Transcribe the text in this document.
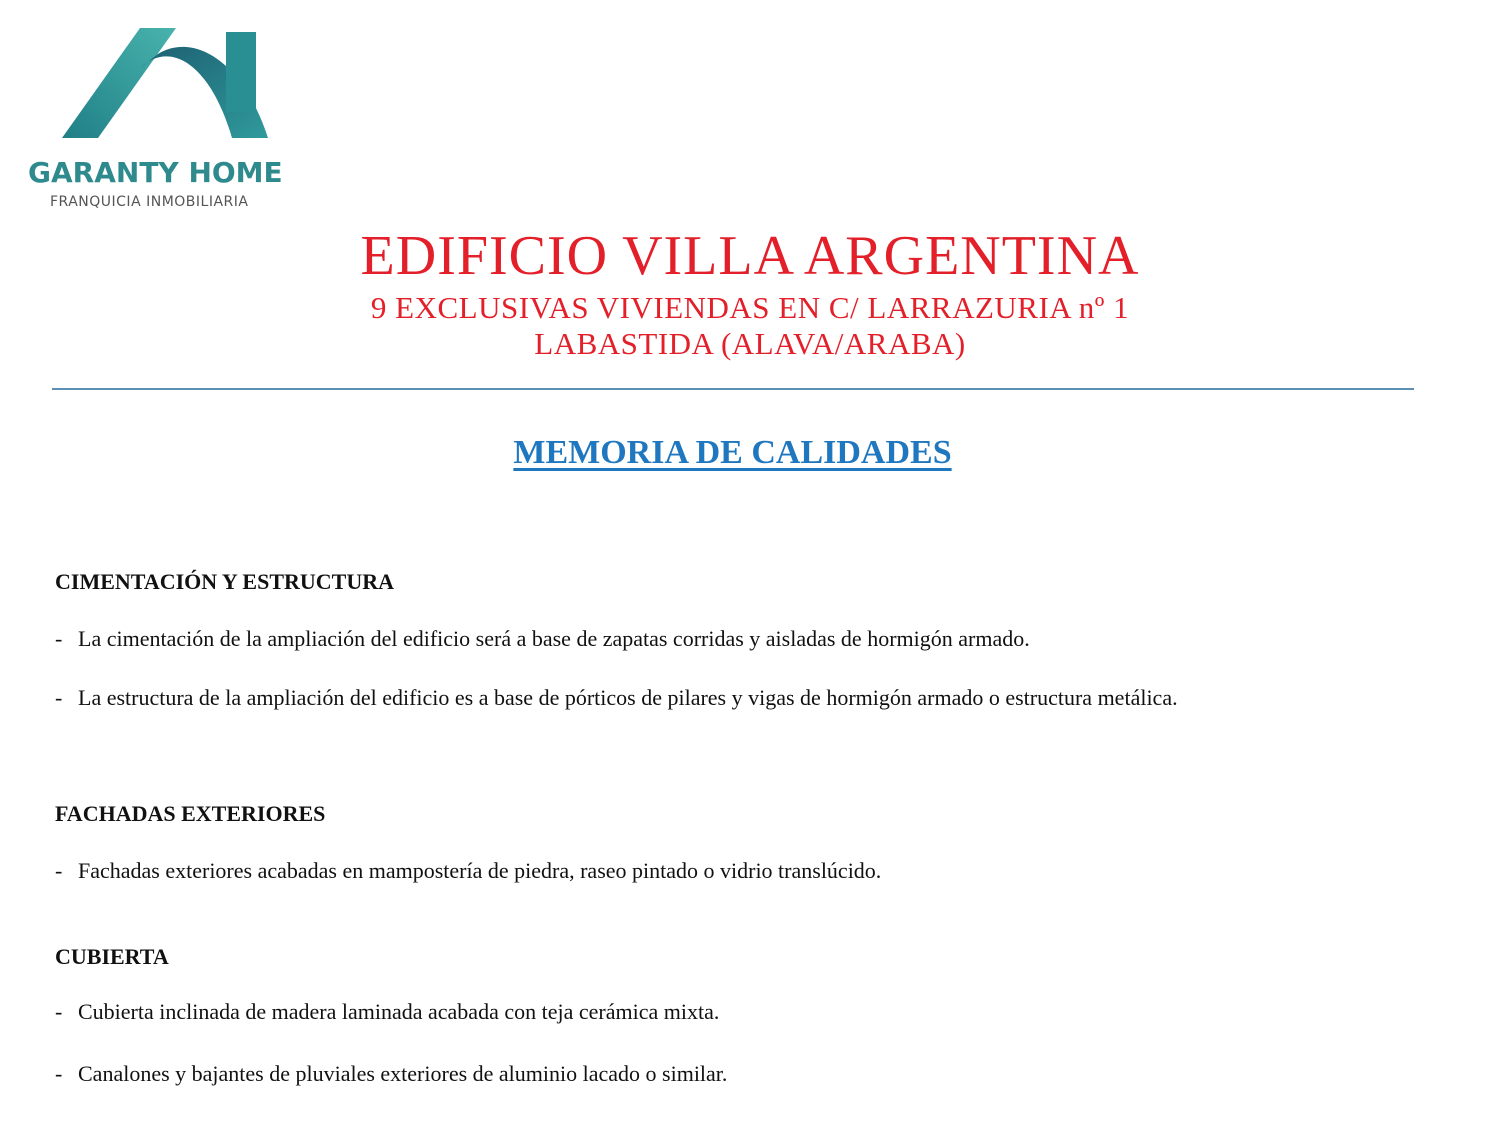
GARANTY HOME
FRANQUICIA INMOBILIARIA
EDIFICIO VILLA ARGENTINA
9 EXCLUSIVAS VIVIENDAS EN C/ LARRAZURIA nº 1
LABASTIDA (ALAVA/ARABA)
MEMORIA DE CALIDADES
CIMENTACIÓN Y ESTRUCTURA
- La cimentación de la ampliación del edificio será a base de zapatas corridas y aisladas de hormigón armado.
- La estructura de la ampliación del edificio es a base de pórticos de pilares y vigas de hormigón armado o estructura metálica.
FACHADAS EXTERIORES
- Fachadas exteriores acabadas en mampostería de piedra, raseo pintado o vidrio translúcido.
CUBIERTA
- Cubierta inclinada de madera laminada acabada con teja cerámica mixta.
- Canalones y bajantes de pluviales exteriores de aluminio lacado o similar.
